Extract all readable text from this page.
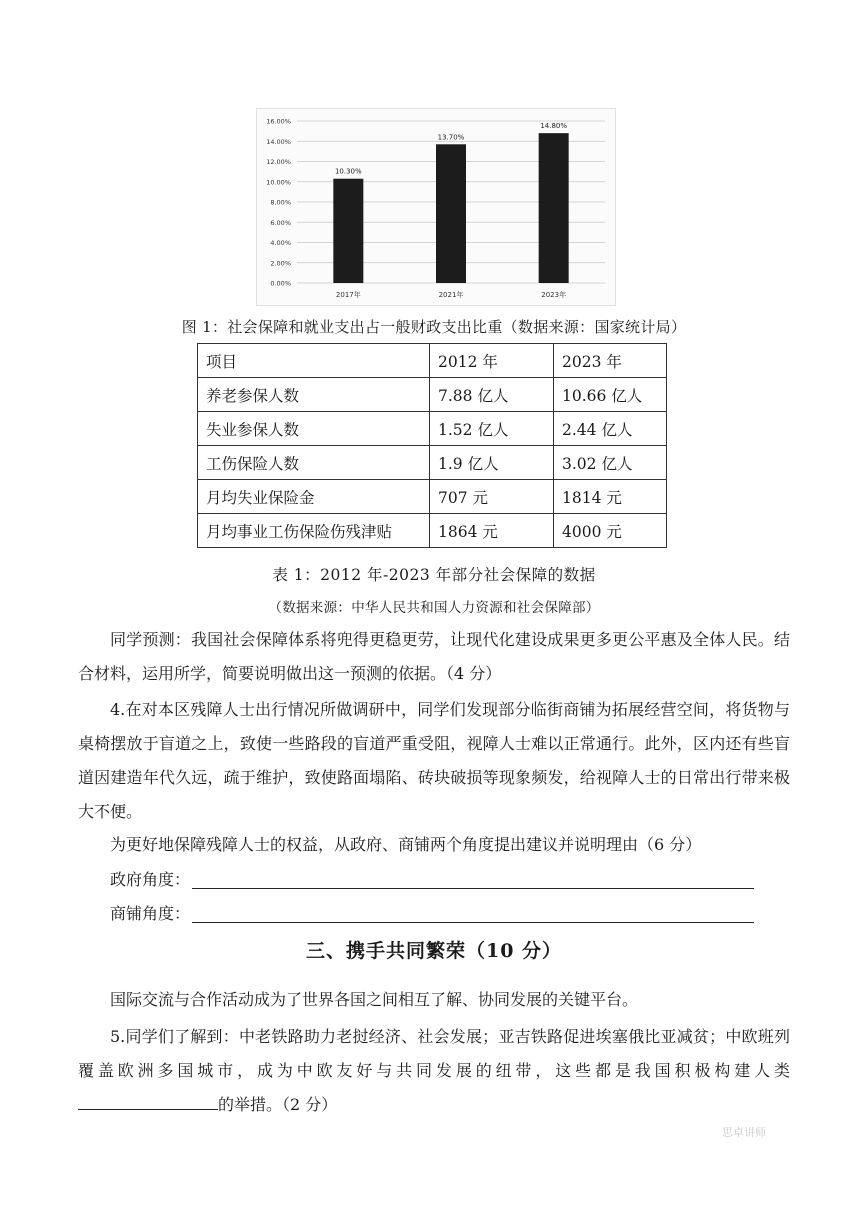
0.00%
2.00%
4.00%
6.00%
8.00%
10.00%
12.00%
14.00%
16.00%
10.30%
2017年
13.70%
2021年
14.80%
2023年
图 1：社会保障和就业支出占一般财政支出比重（数据来源：国家统计局）
项目	2012 年	2023 年
养老参保人数	7.88 亿人	10.66 亿人
失业参保人数	1.52 亿人	2.44 亿人
工伤保险人数	1.9 亿人	3.02 亿人
月均失业保险金	707 元	1814 元
月均事业工伤保险伤残津贴	1864 元	4000 元
表 1：2012 年-2023 年部分社会保障的数据
（数据来源：中华人民共和国人力资源和社会保障部）
同学预测：我国社会保障体系将兜得更稳更劳，让现代化建设成果更多更公平惠及全体人民。结合材料，运用所学，简要说明做出这一预测的依据。（4 分）
4.在对本区残障人士出行情况所做调研中，同学们发现部分临街商铺为拓展经营空间，将货物与桌椅摆放于盲道之上，致使一些路段的盲道严重受阻，视障人士难以正常通行。此外，区内还有些盲道因建造年代久远，疏于维护，致使路面塌陷、砖块破损等现象频发，给视障人士的日常出行带来极大不便。
为更好地保障残障人士的权益，从政府、商铺两个角度提出建议并说明理由（6 分）
政府角度：
商铺角度：
三、携手共同繁荣（10 分）
国际交流与合作活动成为了世界各国之间相互了解、协同发展的关键平台。
5.同学们了解到：中老铁路助力老挝经济、社会发展；亚吉铁路促进埃塞俄比亚减贫；中欧班列覆盖欧洲多国城市，成为中欧友好与共同发展的纽带，这些都是我国积极构建人类的举措。（2 分）
思卓讲师
